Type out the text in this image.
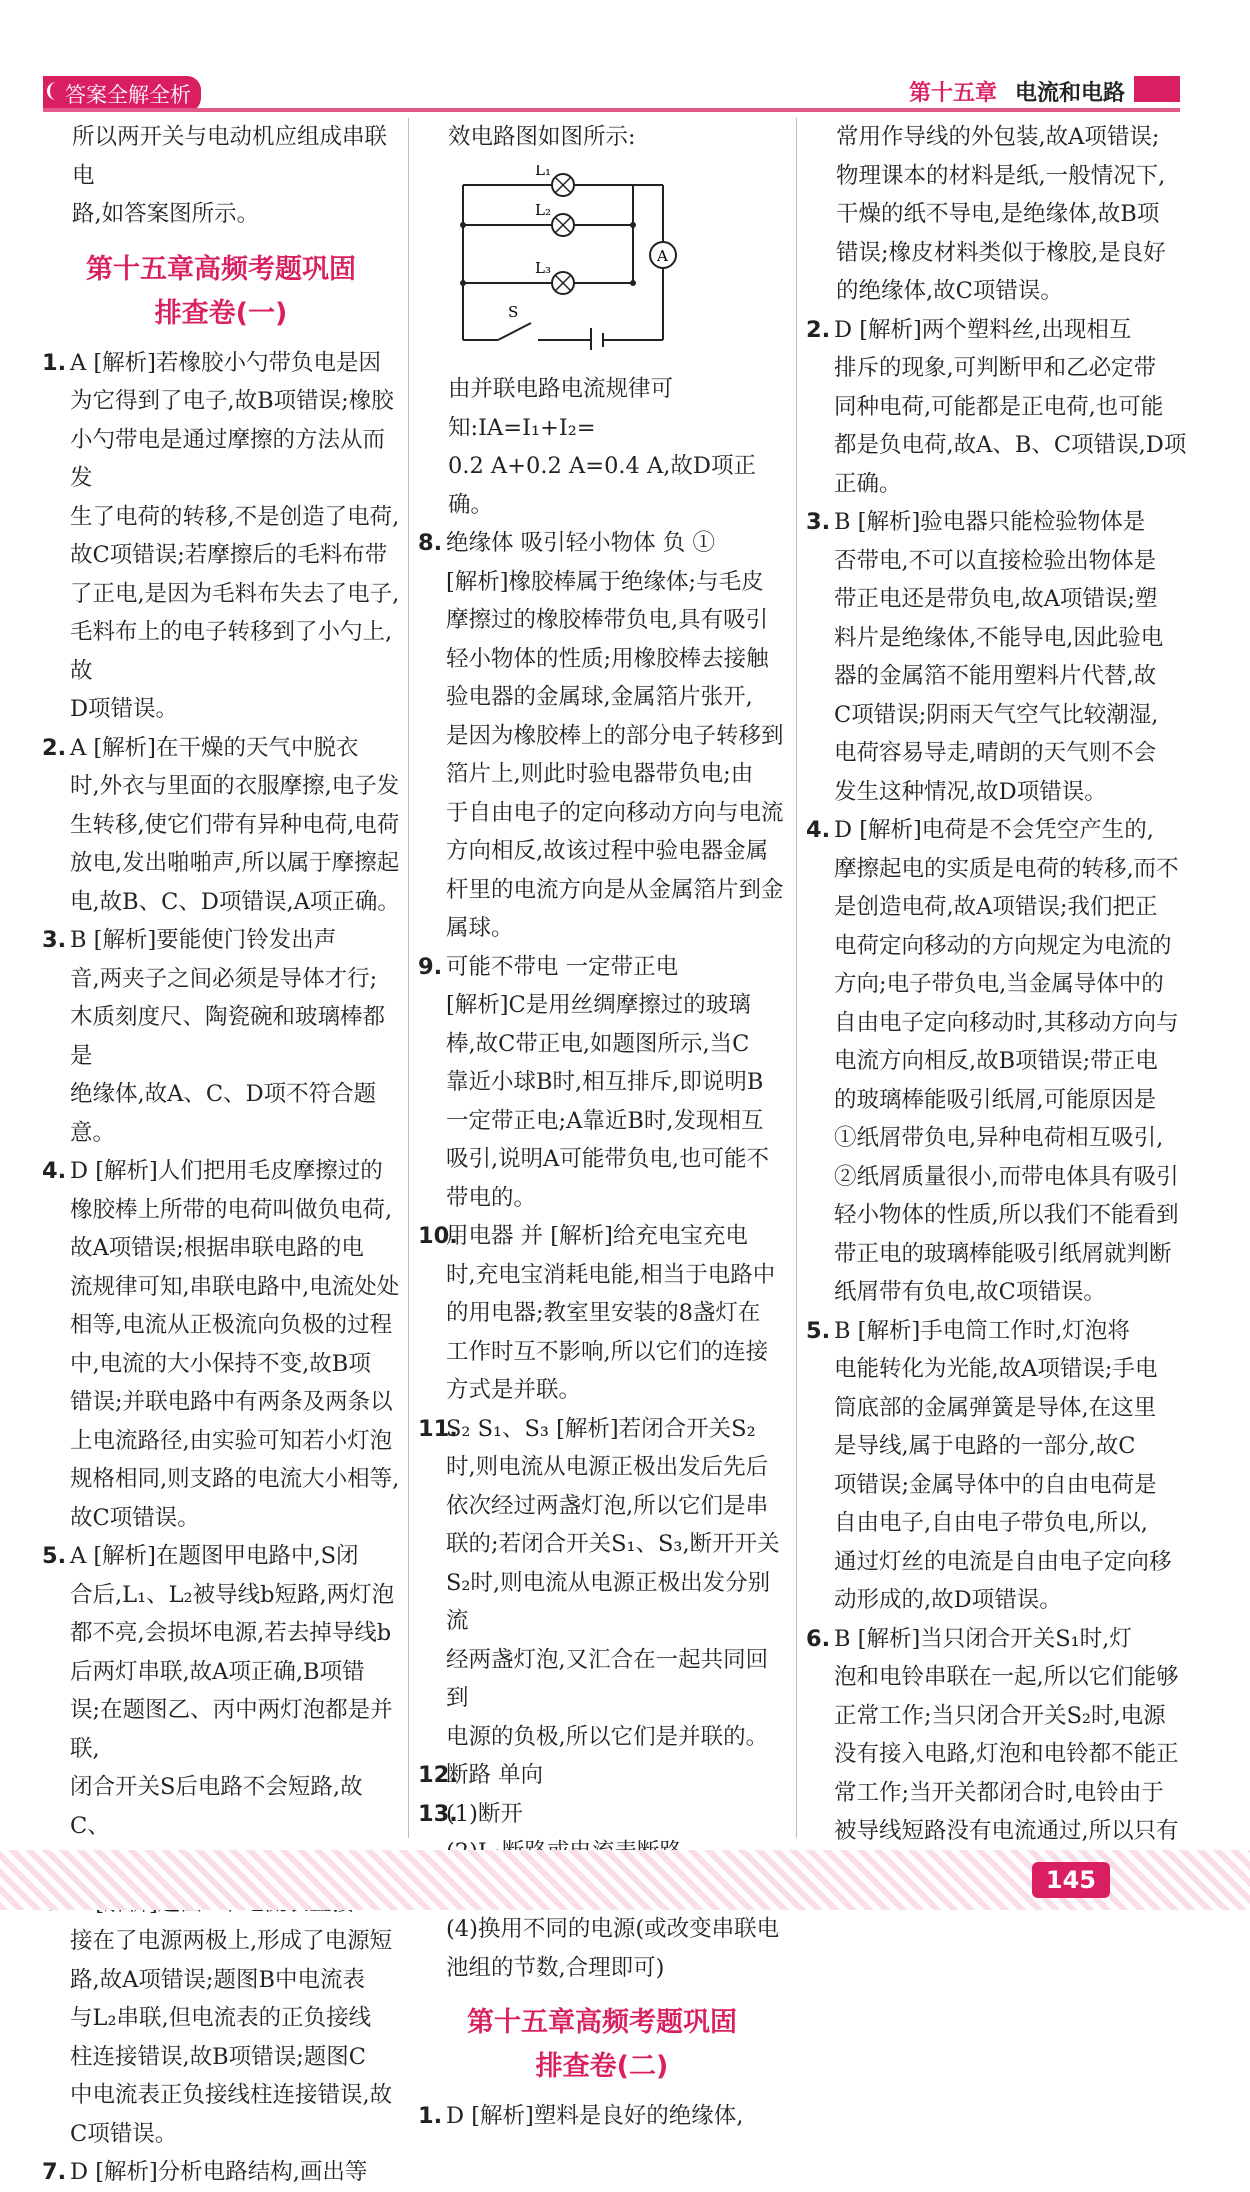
答案全解全析	第十五章 电流和电路

所以两开关与电动机应组成串联电

路,如答案图所示。

第十五章高频考题巩固
排查卷(一)
1. A [解析]若橡胶小勺带负电是因

为它得到了电子,故B项错误;橡胶

小勺带电是通过摩擦的方法从而发

生了电荷的转移,不是创造了电荷,

故C项错误;若摩擦后的毛料布带

了正电,是因为毛料布失去了电子,

毛料布上的电子转移到了小勺上,故

D项错误。

2. A [解析]在干燥的天气中脱衣

时,外衣与里面的衣服摩擦,电子发

生转移,使它们带有异种电荷,电荷

放电,发出啪啪声,所以属于摩擦起

电,故B、C、D项错误,A项正确。

3. B [解析]要能使门铃发出声

音,两夹子之间必须是导体才行;

木质刻度尺、陶瓷碗和玻璃棒都是

绝缘体,故A、C、D项不符合题意。

4. D [解析]人们把用毛皮摩擦过的

橡胶棒上所带的电荷叫做负电荷,

故A项错误;根据串联电路的电

流规律可知,串联电路中,电流处处

相等,电流从正极流向负极的过程

中,电流的大小保持不变,故B项

错误;并联电路中有两条及两条以

上电流路径,由实验可知若小灯泡

规格相同,则支路的电流大小相等,

故C项错误。

5. A [解析]在题图甲电路中,S闭

合后,L₁、L₂被导线b短路,两灯泡

都不亮,会损坏电源,若去掉导线b

后两灯串联,故A项正确,B项错

误;在题图乙、丙中两灯泡都是并联,

闭合开关S后电路不会短路,故C、

接在了电源两极上,形成了电源短

路,故A项错误;题图B中电流表

与L₂串联,但电流表的正负接线

柱连接错误,故B项错误;题图C

中电流表正负接线柱连接错误,故

C项错误。

7. D [解析]分析电路结构,画出等

效电路图如图所示:

L₁
L₂
L₃
A
S

由并联电路电流规律可知:IA=I₁+I₂=

0.2 A+0.2 A=0.4 A,故D项正确。

8. 绝缘体 吸引轻小物体 负 ①

[解析]橡胶棒属于绝缘体;与毛皮

摩擦过的橡胶棒带负电,具有吸引

轻小物体的性质;用橡胶棒去接触

验电器的金属球,金属箔片张开,

是因为橡胶棒上的部分电子转移到

箔片上,则此时验电器带负电;由

于自由电子的定向移动方向与电流

方向相反,故该过程中验电器金属

杆里的电流方向是从金属箔片到金

属球。

9. 可能不带电 一定带正电

[解析]C是用丝绸摩擦过的玻璃

棒,故C带正电,如题图所示,当C

靠近小球B时,相互排斥,即说明B

一定带正电;A靠近B时,发现相互

吸引,说明A可能带负电,也可能不

带电的。

10.

用电器 并 [解析]给充电宝充电

时,充电宝消耗电能,相当于电路中

的用电器;教室里安装的8盏灯在

工作时互不影响,所以它们的连接

方式是并联。

11.

S₂ S₁、S₃ [解析]若闭合开关S₂

时,则电流从电源正极出发后先后

依次经过两盏灯泡,所以它们是串

联的;若闭合开关S₁、S₃,断开开关

S₂时,则电流从电源正极出发分别流

经两盏灯泡,又汇合在一起共同回到

电源的负极,所以它们是并联的。

12.

断路 单向

13.

(1)断开

(4)换用不同的电源(或改变串联电

池组的节数,合理即可)

第十五章高频考题巩固
排查卷(二)
1. D [解析]塑料是良好的绝缘体,

常用作导线的外包装,故A项错误;

物理课本的材料是纸,一般情况下,

干燥的纸不导电,是绝缘体,故B项

错误;橡皮材料类似于橡胶,是良好

的绝缘体,故C项错误。

2. D [解析]两个塑料丝,出现相互

排斥的现象,可判断甲和乙必定带

同种电荷,可能都是正电荷,也可能

都是负电荷,故A、B、C项错误,D项

正确。

3. B [解析]验电器只能检验物体是

否带电,不可以直接检验出物体是

带正电还是带负电,故A项错误;塑

料片是绝缘体,不能导电,因此验电

器的金属箔不能用塑料片代替,故

C项错误;阴雨天气空气比较潮湿,

电荷容易导走,晴朗的天气则不会

发生这种情况,故D项错误。

4. D [解析]电荷是不会凭空产生的,

摩擦起电的实质是电荷的转移,而不

是创造电荷,故A项错误;我们把正

电荷定向移动的方向规定为电流的

方向;电子带负电,当金属导体中的

自由电子定向移动时,其移动方向与

电流方向相反,故B项错误;带正电

的玻璃棒能吸引纸屑,可能原因是

①纸屑带负电,异种电荷相互吸引,

②纸屑质量很小,而带电体具有吸引

轻小物体的性质,所以我们不能看到

带正电的玻璃棒能吸引纸屑就判断

纸屑带有负电,故C项错误。

5. B [解析]手电筒工作时,灯泡将

电能转化为光能,故A项错误;手电

筒底部的金属弹簧是导体,在这里

是导线,属于电路的一部分,故C

项错误;金属导体中的自由电荷是

自由电子,自由电子带负电,所以,

通过灯丝的电流是自由电子定向移

动形成的,故D项错误。

6. B [解析]当只闭合开关S₁时,灯

泡和电铃串联在一起,所以它们能够

正常工作;当只闭合开关S₂时,电源

没有接入电路,灯泡和电铃都不能正

常工作;当开关都闭合时,电铃由于

被导线短路没有电流通过,所以只有

145
